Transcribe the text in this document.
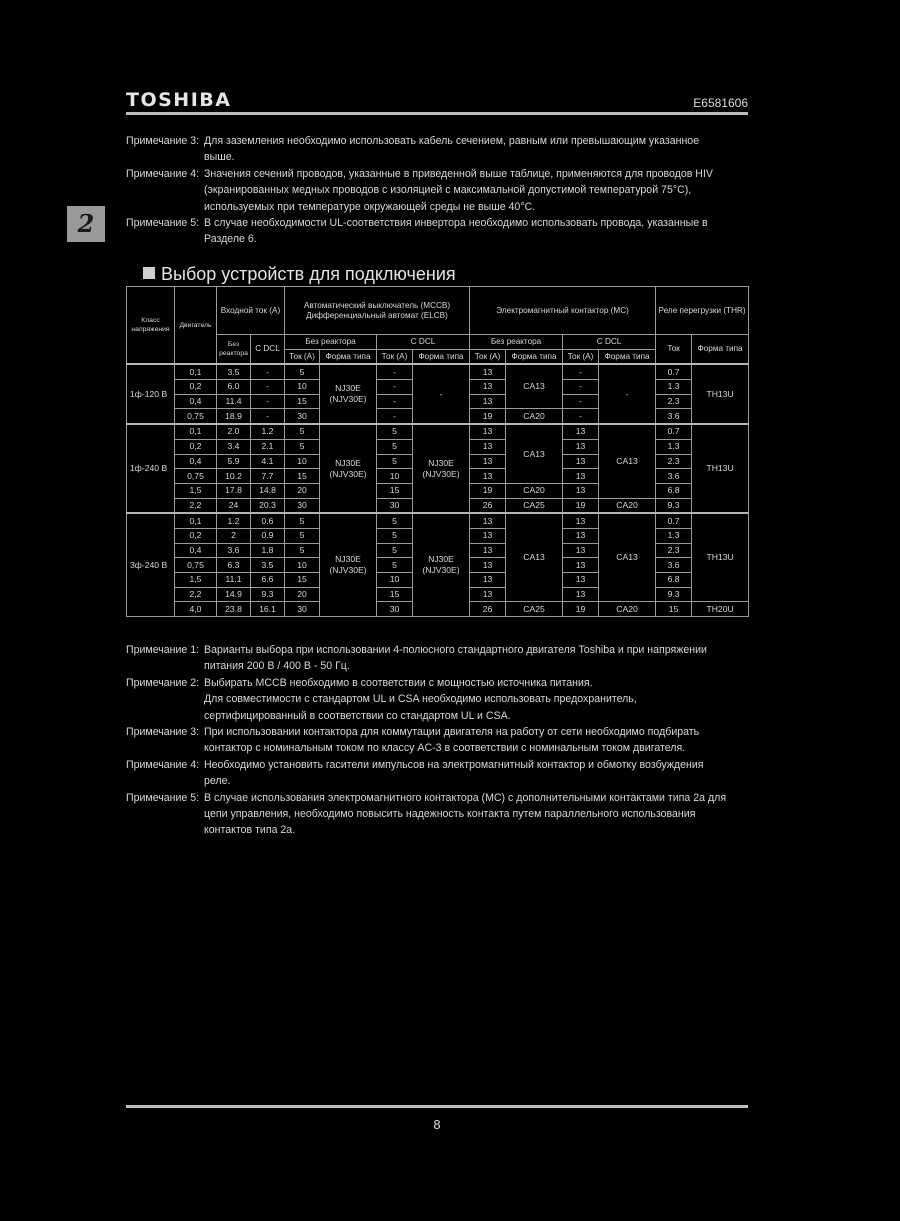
TOSHIBA	E6581606
2
Примечание 3: Для заземления необходимо использовать кабель сечением, равным или превышающим указанное
выше.
Примечание 4: Значения сечений проводов, указанные в приведенной выше таблице, применяются для проводов HIV
(экранированных медных проводов с изоляцией с максимальной допустимой температурой 75°C),
используемых при температуре окружающей среды не выше 40°C.
Примечание 5: В случае необходимости UL-соответствия инвертора необходимо использовать провода, указанные в
Разделе 6.
Выбор устройств для подключения
Класс напряжения	Двигатель	Входной ток (A)		Автоматический выключатель (MCCB) Дифференциальный автомат (ELCB)				Электромагнитный контактор (MC)				Реле перегрузки (THR)	
		Без реактора	С DCL	Без реактора		С DCL		Без реактора		С DCL		Ток	Форма типа
				Ток (A)	Форма типа	Ток (A)	Форма типа	Ток (A)	Форма типа	Ток (A)	Форма типа		
1ф-120 В	0,1	3.5	-	5	NJ30E (NJV30E)	-	-	13	CA13	-	-	0.7	TH13U
	0,2	6.0	-	10		-		13		-		1.3	
	0,4	11.4	-	15		-		13		-		2.3	
	0,75	18.9	-	30		-		19	CA20	-		3.6	
1ф-240 В	0,1	2.0	1.2	5	NJ30E (NJV30E)	5	NJ30E (NJV30E)	13	CA13	13	CA13	0.7	TH13U
	0,2	3.4	2.1	5		5		13		13		1.3	
	0,4	5.9	4.1	10		5		13		13		2.3	
	0,75	10.2	7.7	15		10		13		13		3.6	
	1,5	17.8	14.8	20		15		19	CA20	13		6.8	
	2,2	24	20.3	30		30		26	CA25	19	CA20	9.3	
3ф-240 В	0,1	1.2	0.6	5	NJ30E (NJV30E)	5	NJ30E (NJV30E)	13	CA13	13	CA13	0.7	TH13U
	0,2	2	0.9	5		5		13		13		1.3	
	0,4	3.6	1.8	5		5		13		13		2.3	
	0,75	6.3	3.5	10		5		13		13		3.6	
	1,5	11.1	6.6	15		10		13		13		6.8	
	2,2	14.9	9.3	20		15		13		13		9.3	
	4,0	23.8	16.1	30		30		26	CA25	19	CA20	15	TH20U
Примечание 1: Варианты выбора при использовании 4-полюсного стандартного двигателя Toshiba и при напряжении
питания 200 В / 400 В - 50 Гц.
Примечание 2: Выбирать MCCB необходимо в соответствии с мощностью источника питания.
Для совместимости с стандартом UL и CSA необходимо использовать предохранитель,
сертифицированный в соответствии со стандартом UL и CSA.
Примечание 3: При использовании контактора для коммутации двигателя на работу от сети необходимо подбирать
контактор с номинальным током по классу AC-3 в соответствии с номинальным током двигателя.
Примечание 4: Необходимо установить гасители импульсов на электромагнитный контактор и обмотку возбуждения
реле.
Примечание 5: В случае использования электромагнитного контактора (MC) с дополнительными контактами типа 2a для
цепи управления, необходимо повысить надежность контакта путем параллельного использования
контактов типа 2a.
8
